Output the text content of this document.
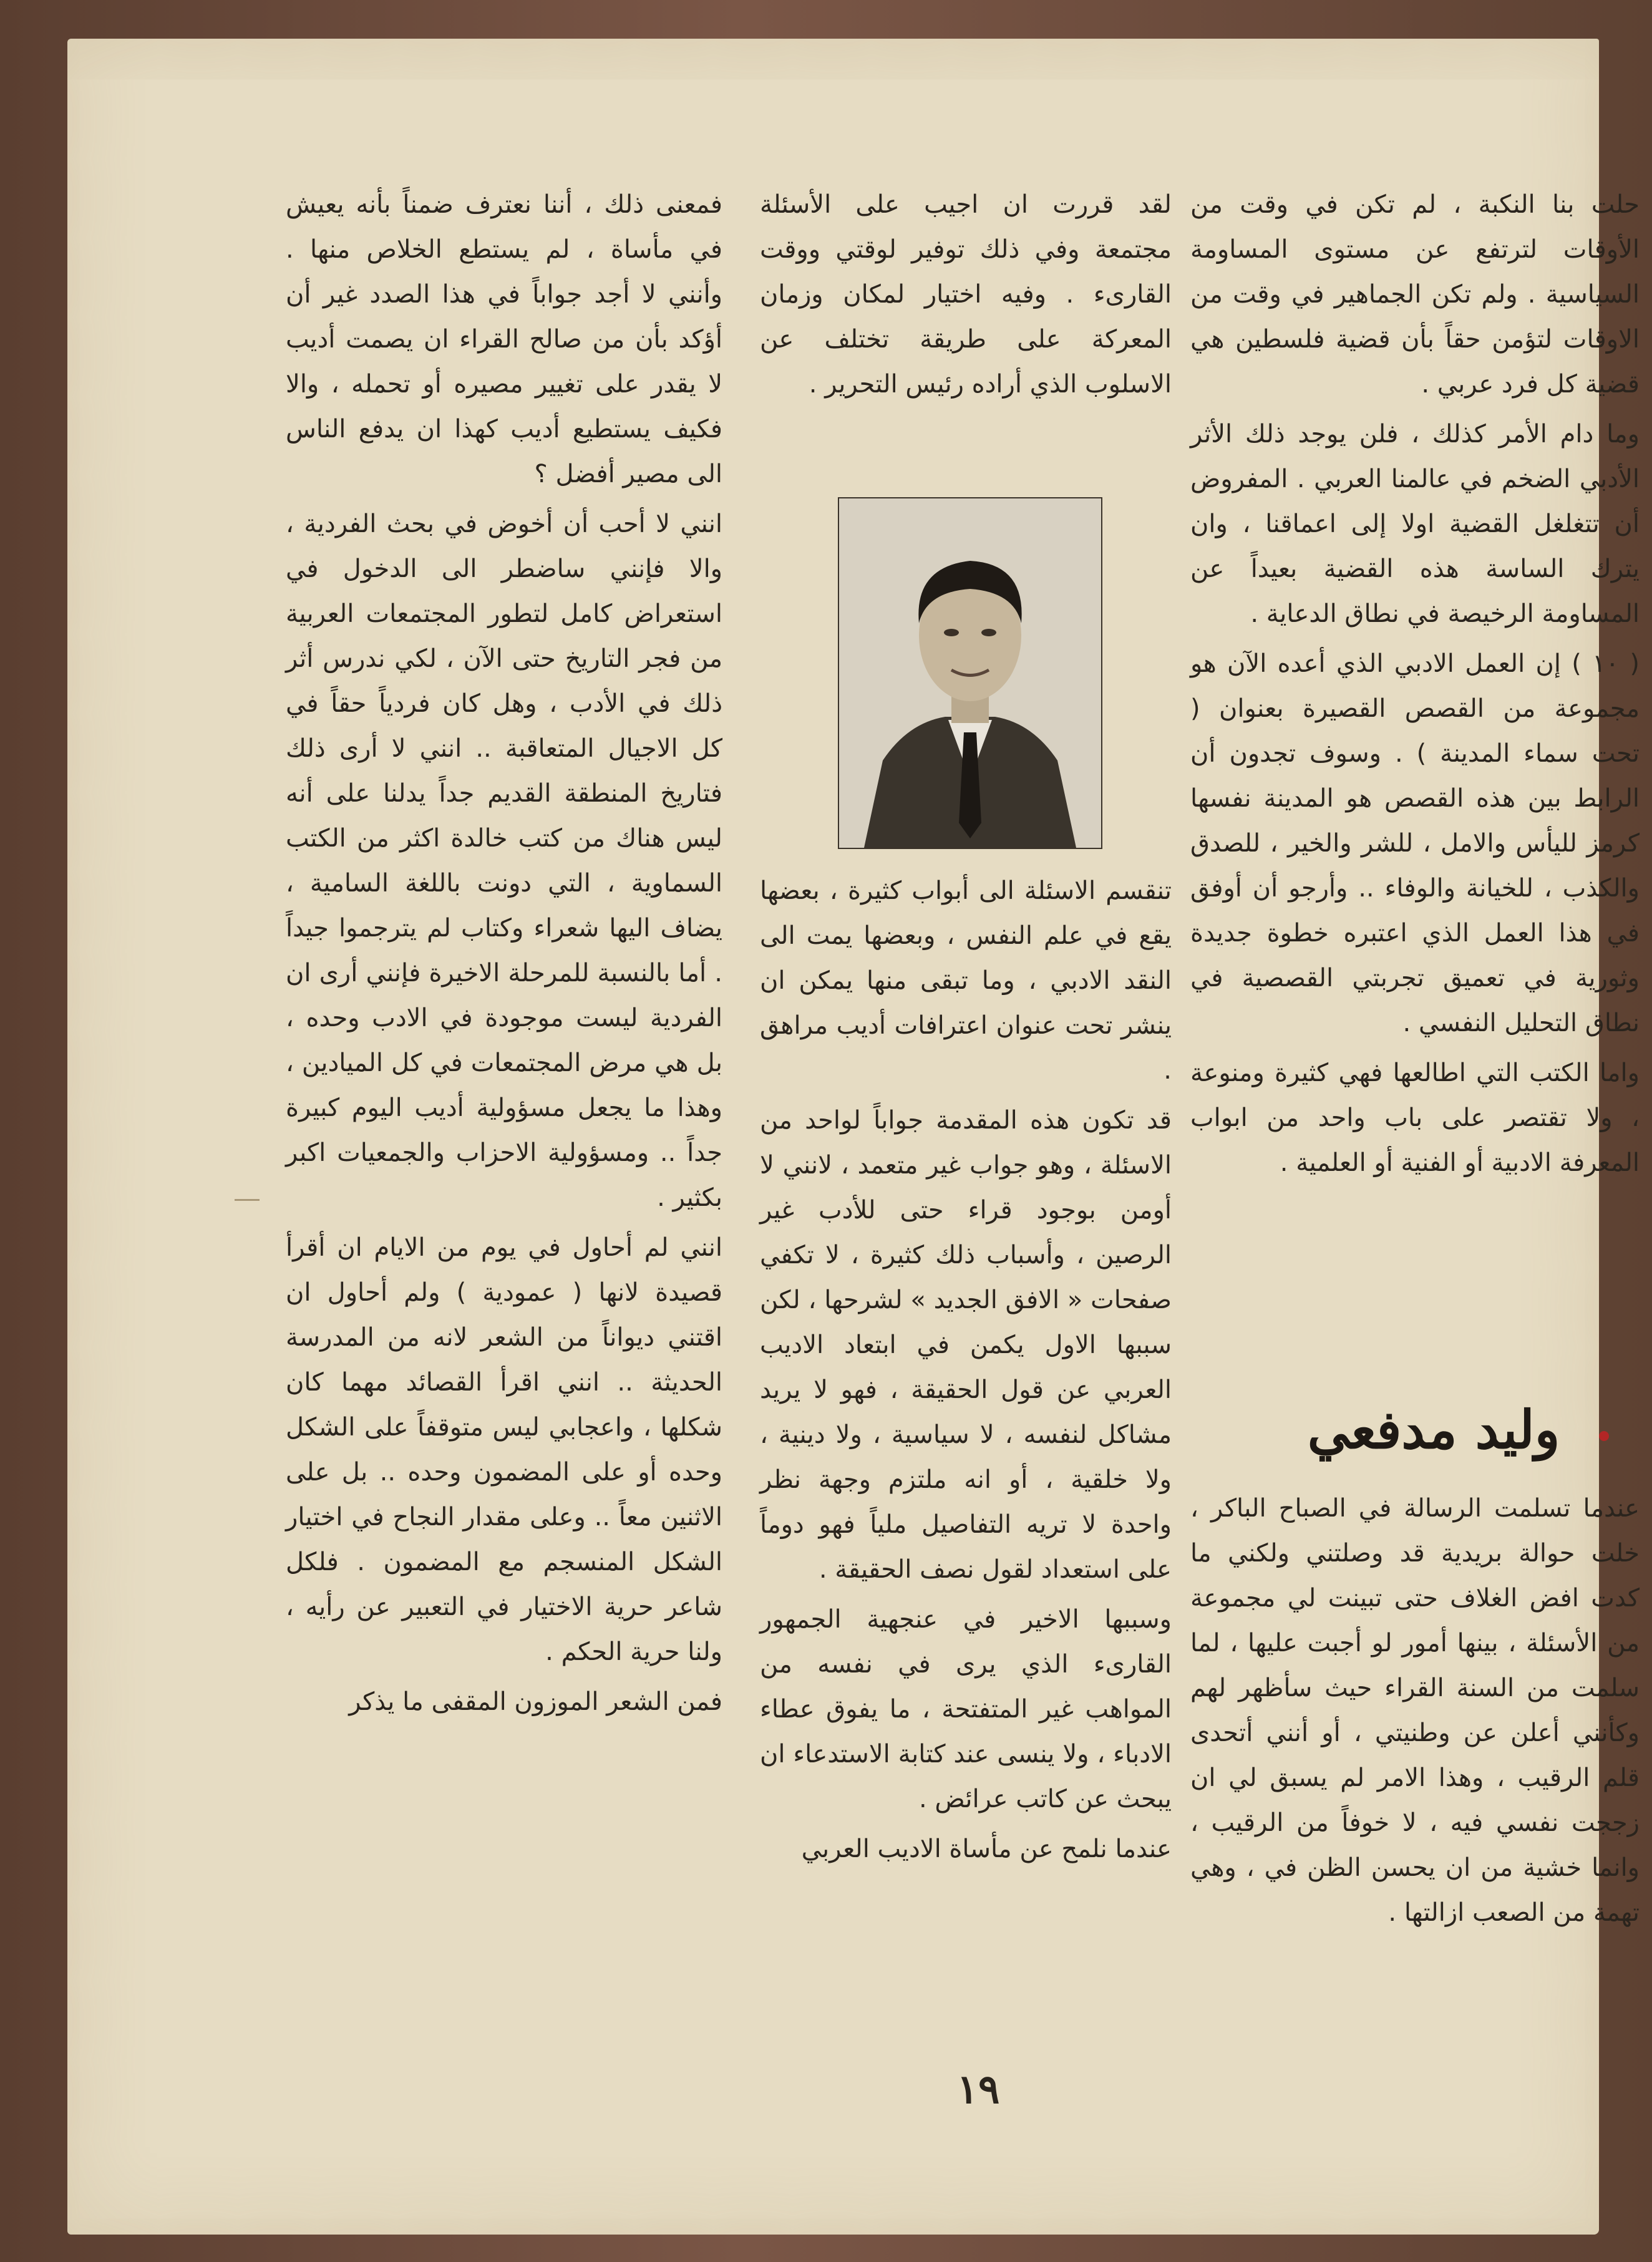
حلت بنا النكبة ، لم تكن في وقت من الأوقات لترتفع عن مستوى المساومة السياسية . ولم تكن الجماهير في وقت من الاوقات لتؤمن حقاً بأن قضية فلسطين هي قضية كل فرد عربي .

وما دام الأمر كذلك ، فلن يوجد ذلك الأثر الأدبي الضخم في عالمنا العربي . المفروض أن تتغلغل القضية اولا إلى اعماقنا ، وان يترك الساسة هذه القضية بعيداً عن المساومة الرخيصة في نطاق الدعاية .

( ١٠ ) إن العمل الادبي الذي أعده الآن هو مجموعة من القصص القصيرة بعنوان ( تحت سماء المدينة ) . وسوف تجدون أن الرابط بين هذه القصص هو المدينة نفسها كرمز لليأس والامل ، للشر والخير ، للصدق والكذب ، للخيانة والوفاء .. وأرجو أن أوفق في هذا العمل الذي اعتبره خطوة جديدة وثورية في تعميق تجربتي القصصية في نطاق التحليل النفسي .

واما الكتب التي اطالعها فهي كثيرة ومنوعة ، ولا تقتصر على باب واحد من ابواب المعرفة الادبية أو الفنية أو العلمية .

وليد مدفعي

عندما تسلمت الرسالة في الصباح الباكر ، خلت حوالة بريدية قد وصلتني ولكني ما كدت افض الغلاف حتى تبينت لي مجموعة من الأسئلة ، بينها أمور لو أجبت عليها ، لما سلمت من السنة القراء حيث سأظهر لهم وكأنني أعلن عن وطنيتي ، أو أنني أتحدى قلم الرقيب ، وهذا الامر لم يسبق لي ان زججت نفسي فيه ، لا خوفاً من الرقيب ، وانما خشية من ان يحسن الظن في ، وهي تهمة من الصعب ازالتها .

لقد قررت ان اجيب على الأسئلة مجتمعة وفي ذلك توفير لوقتي ووقت القارىء . وفيه اختيار لمكان وزمان المعركة على طريقة تختلف عن الاسلوب الذي أراده رئيس التحرير .

تنقسم الاسئلة الى أبواب كثيرة ، بعضها يقع في علم النفس ، وبعضها يمت الى النقد الادبي ، وما تبقى منها يمكن ان ينشر تحت عنوان اعترافات أديب مراهق .

قد تكون هذه المقدمة جواباً لواحد من الاسئلة ، وهو جواب غير متعمد ، لانني لا أومن بوجود قراء حتى للأدب غير الرصين ، وأسباب ذلك كثيرة ، لا تكفي صفحات « الافق الجديد » لشرحها ، لكن سببها الاول يكمن في ابتعاد الاديب العربي عن قول الحقيقة ، فهو لا يريد مشاكل لنفسه ، لا سياسية ، ولا دينية ، ولا خلقية ، أو انه ملتزم وجهة نظر واحدة لا تريه التفاصيل ملياً فهو دوماً على استعداد لقول نصف الحقيقة .

وسببها الاخير في عنجهية الجمهور القارىء الذي يرى في نفسه من المواهب غير المتفتحة ، ما يفوق عطاء الادباء ، ولا ينسى عند كتابة الاستدعاء ان يبحث عن كاتب عرائض .

عندما نلمح عن مأساة الاديب العربي

فمعنى ذلك ، أننا نعترف ضمناً بأنه يعيش في مأساة ، لم يستطع الخلاص منها . وأنني لا أجد جواباً في هذا الصدد غير أن أؤكد بأن من صالح القراء ان يصمت أديب لا يقدر على تغيير مصيره أو تحمله ، والا فكيف يستطيع أديب كهذا ان يدفع الناس الى مصير أفضل ؟

انني لا أحب أن أخوض في بحث الفردية ، والا فإنني ساضطر الى الدخول في استعراض كامل لتطور المجتمعات العربية من فجر التاريخ حتى الآن ، لكي ندرس أثر ذلك في الأدب ، وهل كان فردياً حقاً في كل الاجيال المتعاقبة .. انني لا أرى ذلك فتاريخ المنطقة القديم جداً يدلنا على أنه ليس هناك من كتب خالدة اكثر من الكتب السماوية ، التي دونت باللغة السامية ، يضاف اليها شعراء وكتاب لم يترجموا جيداً . أما بالنسبة للمرحلة الاخيرة فإنني أرى ان الفردية ليست موجودة في الادب وحده ، بل هي مرض المجتمعات في كل الميادين ، وهذا ما يجعل مسؤولية أديب اليوم كبيرة جداً .. ومسؤولية الاحزاب والجمعيات اكبر بكثير .

انني لم أحاول في يوم من الايام ان أقرأ قصيدة لانها ( عمودية ) ولم أحاول ان اقتني ديواناً من الشعر لانه من المدرسة الحديثة .. انني اقرأ القصائد مهما كان شكلها ، واعجابي ليس متوقفاً على الشكل وحده أو على المضمون وحده .. بل على الاثنين معاً .. وعلى مقدار النجاح في اختيار الشكل المنسجم مع المضمون . فلكل شاعر حرية الاختيار في التعبير عن رأيه ، ولنا حرية الحكم .

فمن الشعر الموزون المقفى ما يذكر

١٩
